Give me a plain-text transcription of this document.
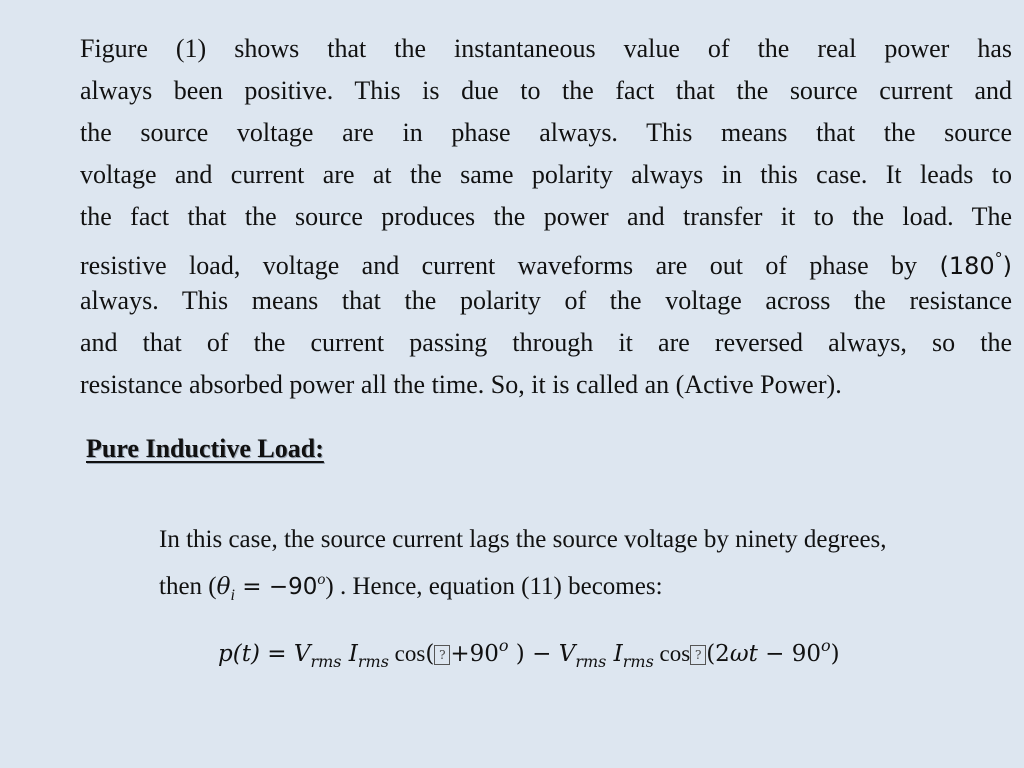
Figure (1) shows that the instantaneous value of the real power has
always been positive. This is due to the fact that the source current and
the source voltage are in phase always. This means that the source
voltage and current are at the same polarity always in this case. It leads to
the fact that the source produces the power and transfer it to the load. The
resistive load, voltage and current waveforms are out of phase by (180°)
always. This means that the polarity of the voltage across the resistance
and that of the current passing through it are reversed always, so the
resistance absorbed power all the time. So, it is called an (Active Power).
Pure Inductive Load:
In this case, the source current lags the source voltage by ninety degrees,
then $(\theta_i = -90^o)$ . Hence, equation (11) becomes:
$p(t) = V_{rms}$ $I_{rms}$ cos( ? $+90^o$ ) − $V_{rms}$ $I_{rms}$ cos ? $(2\omega t - 90^o)$
